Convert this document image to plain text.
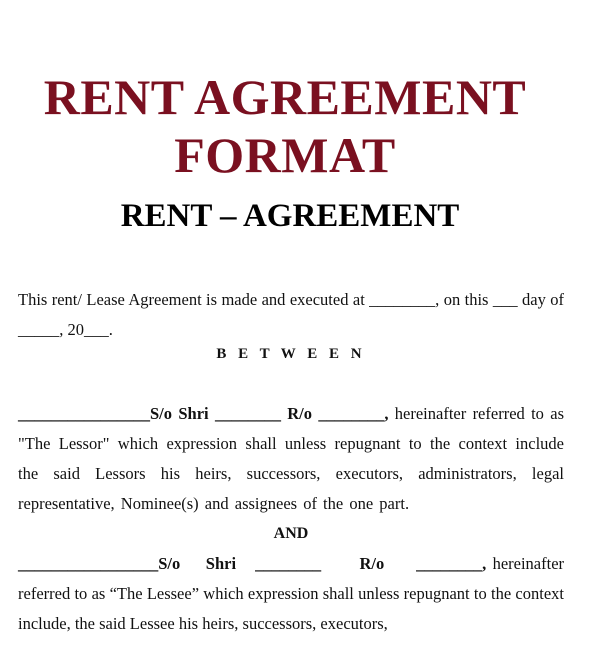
RENT AGREEMENT
FORMAT
RENT – AGREEMENT

This rent/ Lease Agreement is made and executed at ________, on this ___ day of _____, 20___.

B E T W E E N

________________S/o Shri ________ R/o ________, hereinafter referred to as "The Lessor" which expression shall unless repugnant to the context include the said Lessors his heirs, successors, executors, administrators, legal representative, Nominee(s) and assignees of the one part.

AND

_________________S/o    Shri ________ R/o ________, hereinafter referred to as “The Lessee” which expression shall unless repugnant to the context include, the said Lessee his heirs, successors, executors,
